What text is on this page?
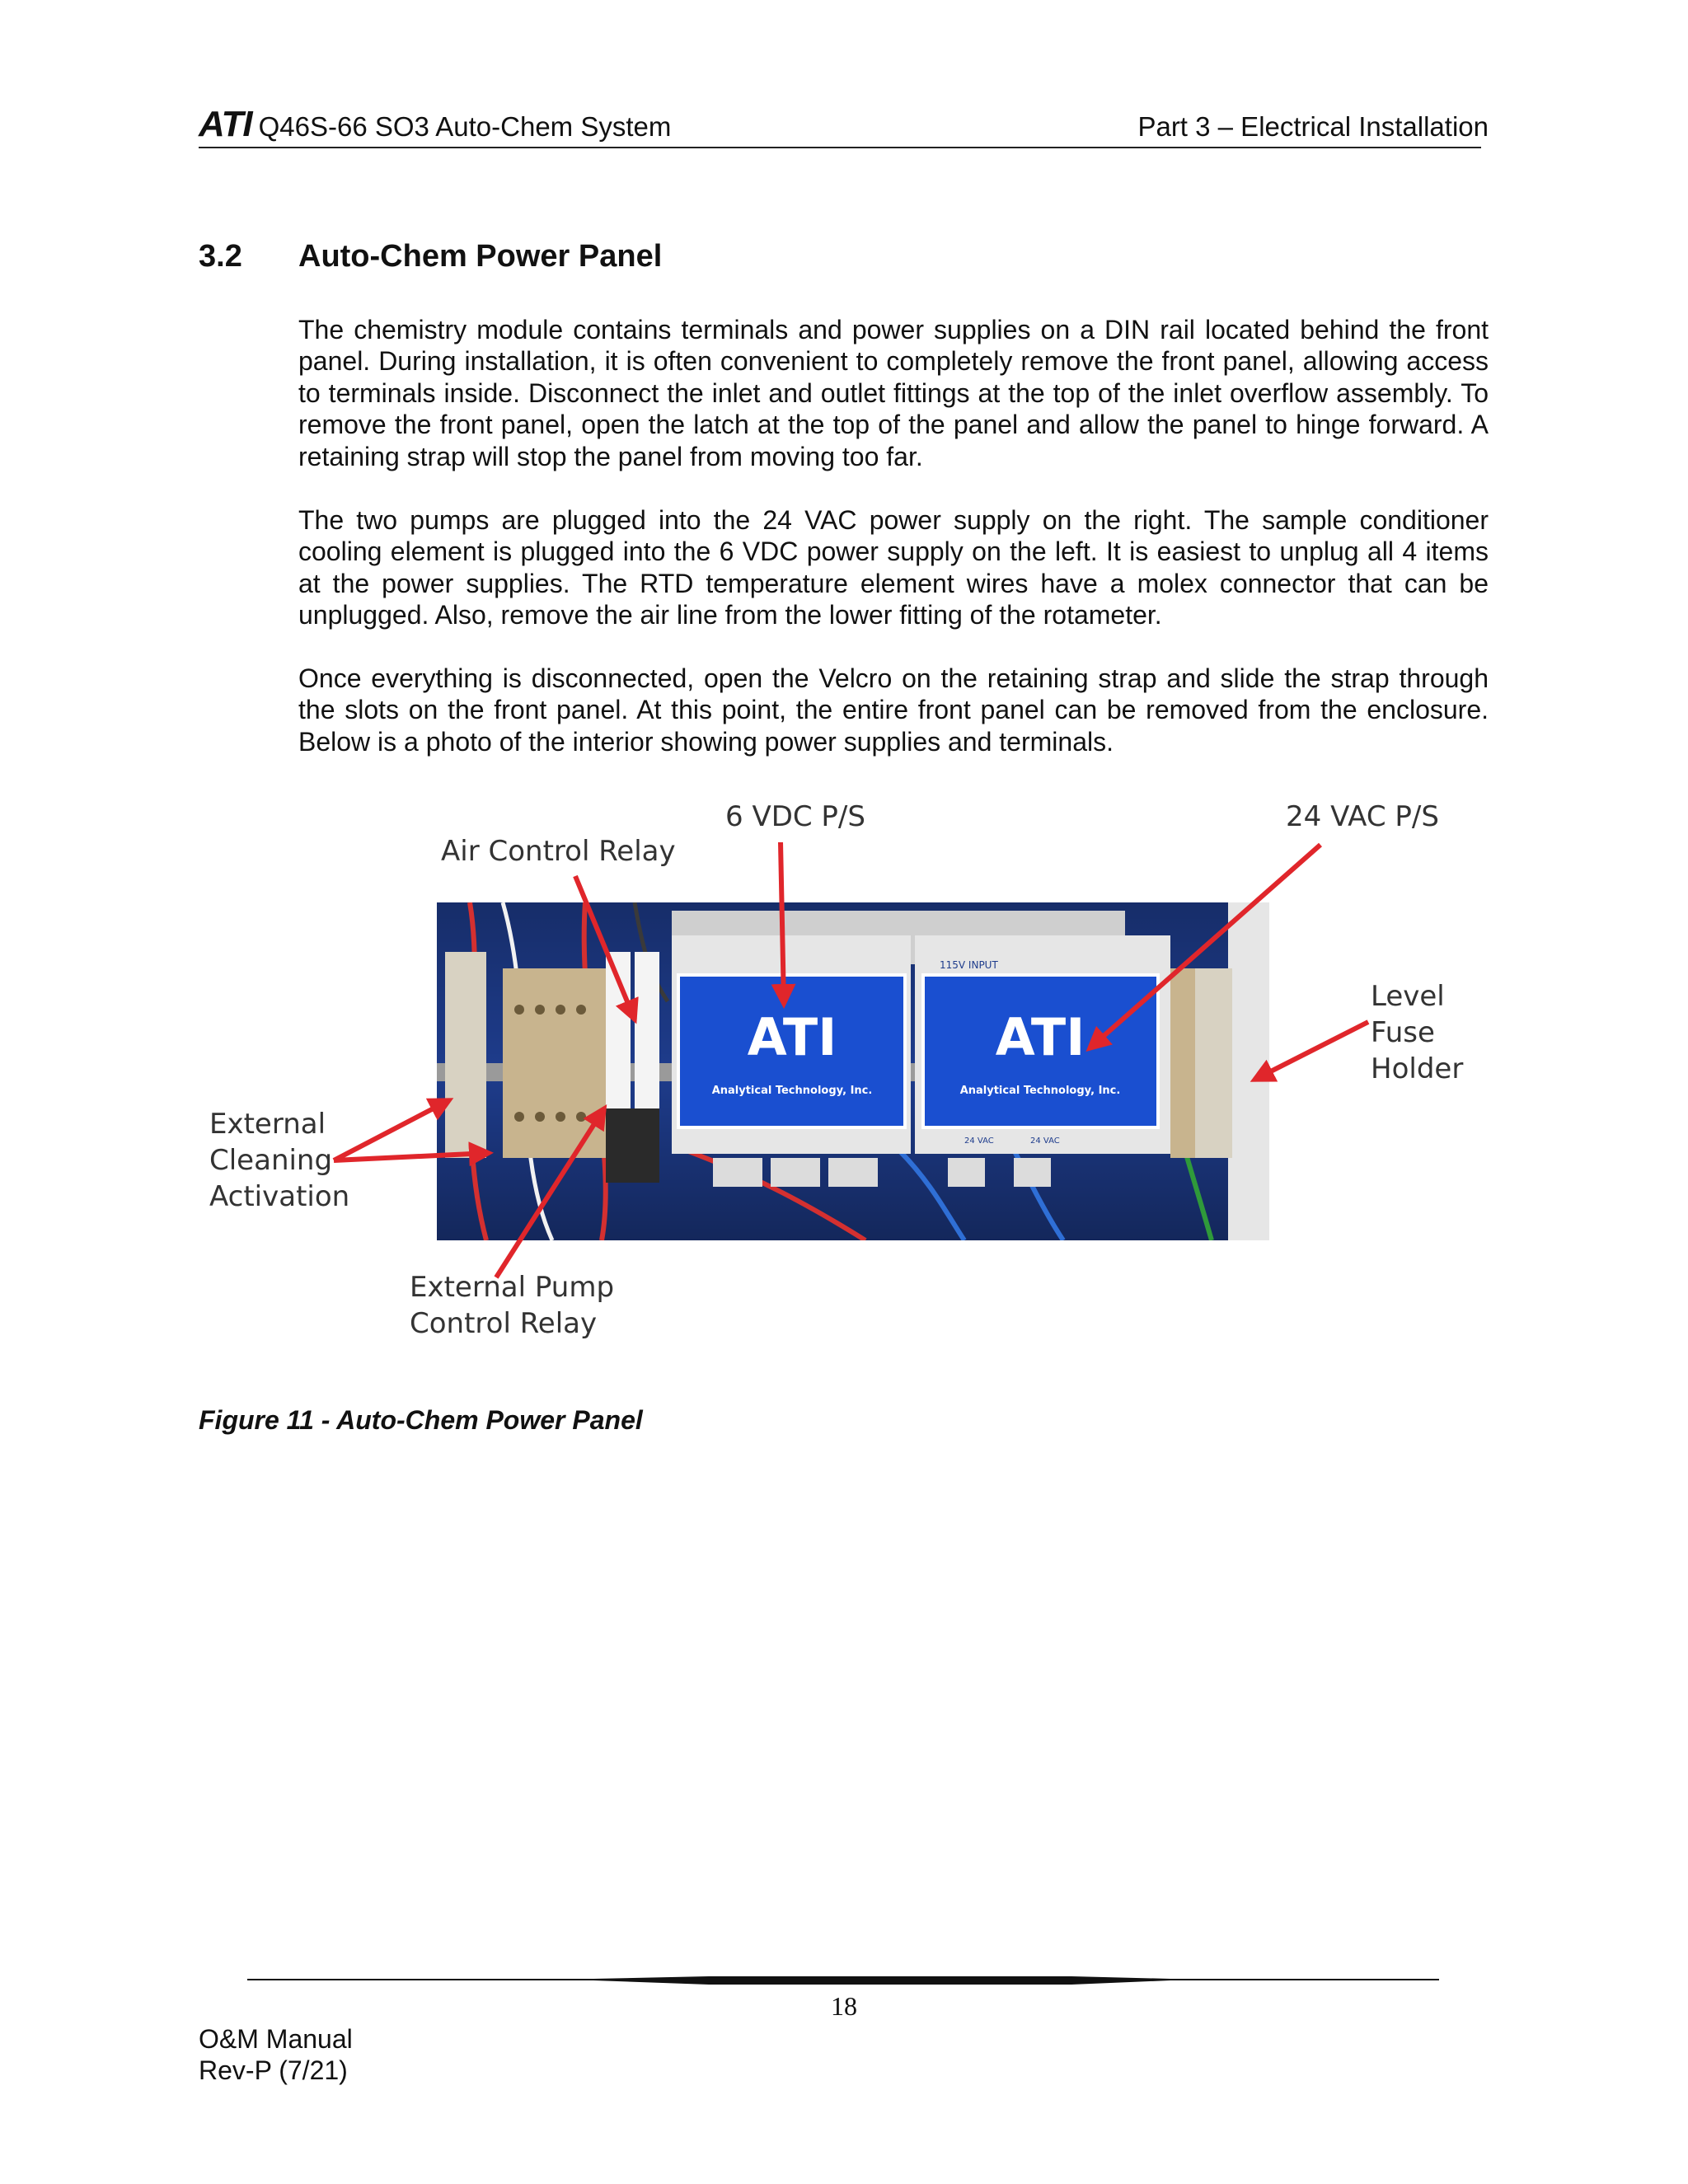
ATI Q46S-66 SO3 Auto-Chem System	Part 3 – Electrical Installation
3.2 Auto-Chem Power Panel
The chemistry module contains terminals and power supplies on a DIN rail located behind the front panel. During installation, it is often convenient to completely remove the front panel, allowing access to terminals inside. Disconnect the inlet and outlet fittings at the top of the inlet overflow assembly. To remove the front panel, open the latch at the top of the panel and allow the panel to hinge forward. A retaining strap will stop the panel from moving too far.
The two pumps are plugged into the 24 VAC power supply on the right. The sample conditioner cooling element is plugged into the 6 VDC power supply on the left. It is easiest to unplug all 4 items at the power supplies. The RTD temperature element wires have a molex connector that can be unplugged. Also, remove the air line from the lower fitting of the rotameter.
Once everything is disconnected, open the Velcro on the retaining strap and slide the strap through the slots on the front panel. At this point, the entire front panel can be removed from the enclosure. Below is a photo of the interior showing power supplies and terminals.
ATI
Analytical Technology, Inc.
115V INPUT
ATI
Analytical Technology, Inc.
24 VAC	24 VAC
6 VDC P/S	24 VAC P/S
Air Control Relay
Level
Fuse
Holder
External
Cleaning
Activation
External Pump
Control Relay
Figure 11 - Auto-Chem Power Panel
18
O&M Manual
Rev-P (7/21)
